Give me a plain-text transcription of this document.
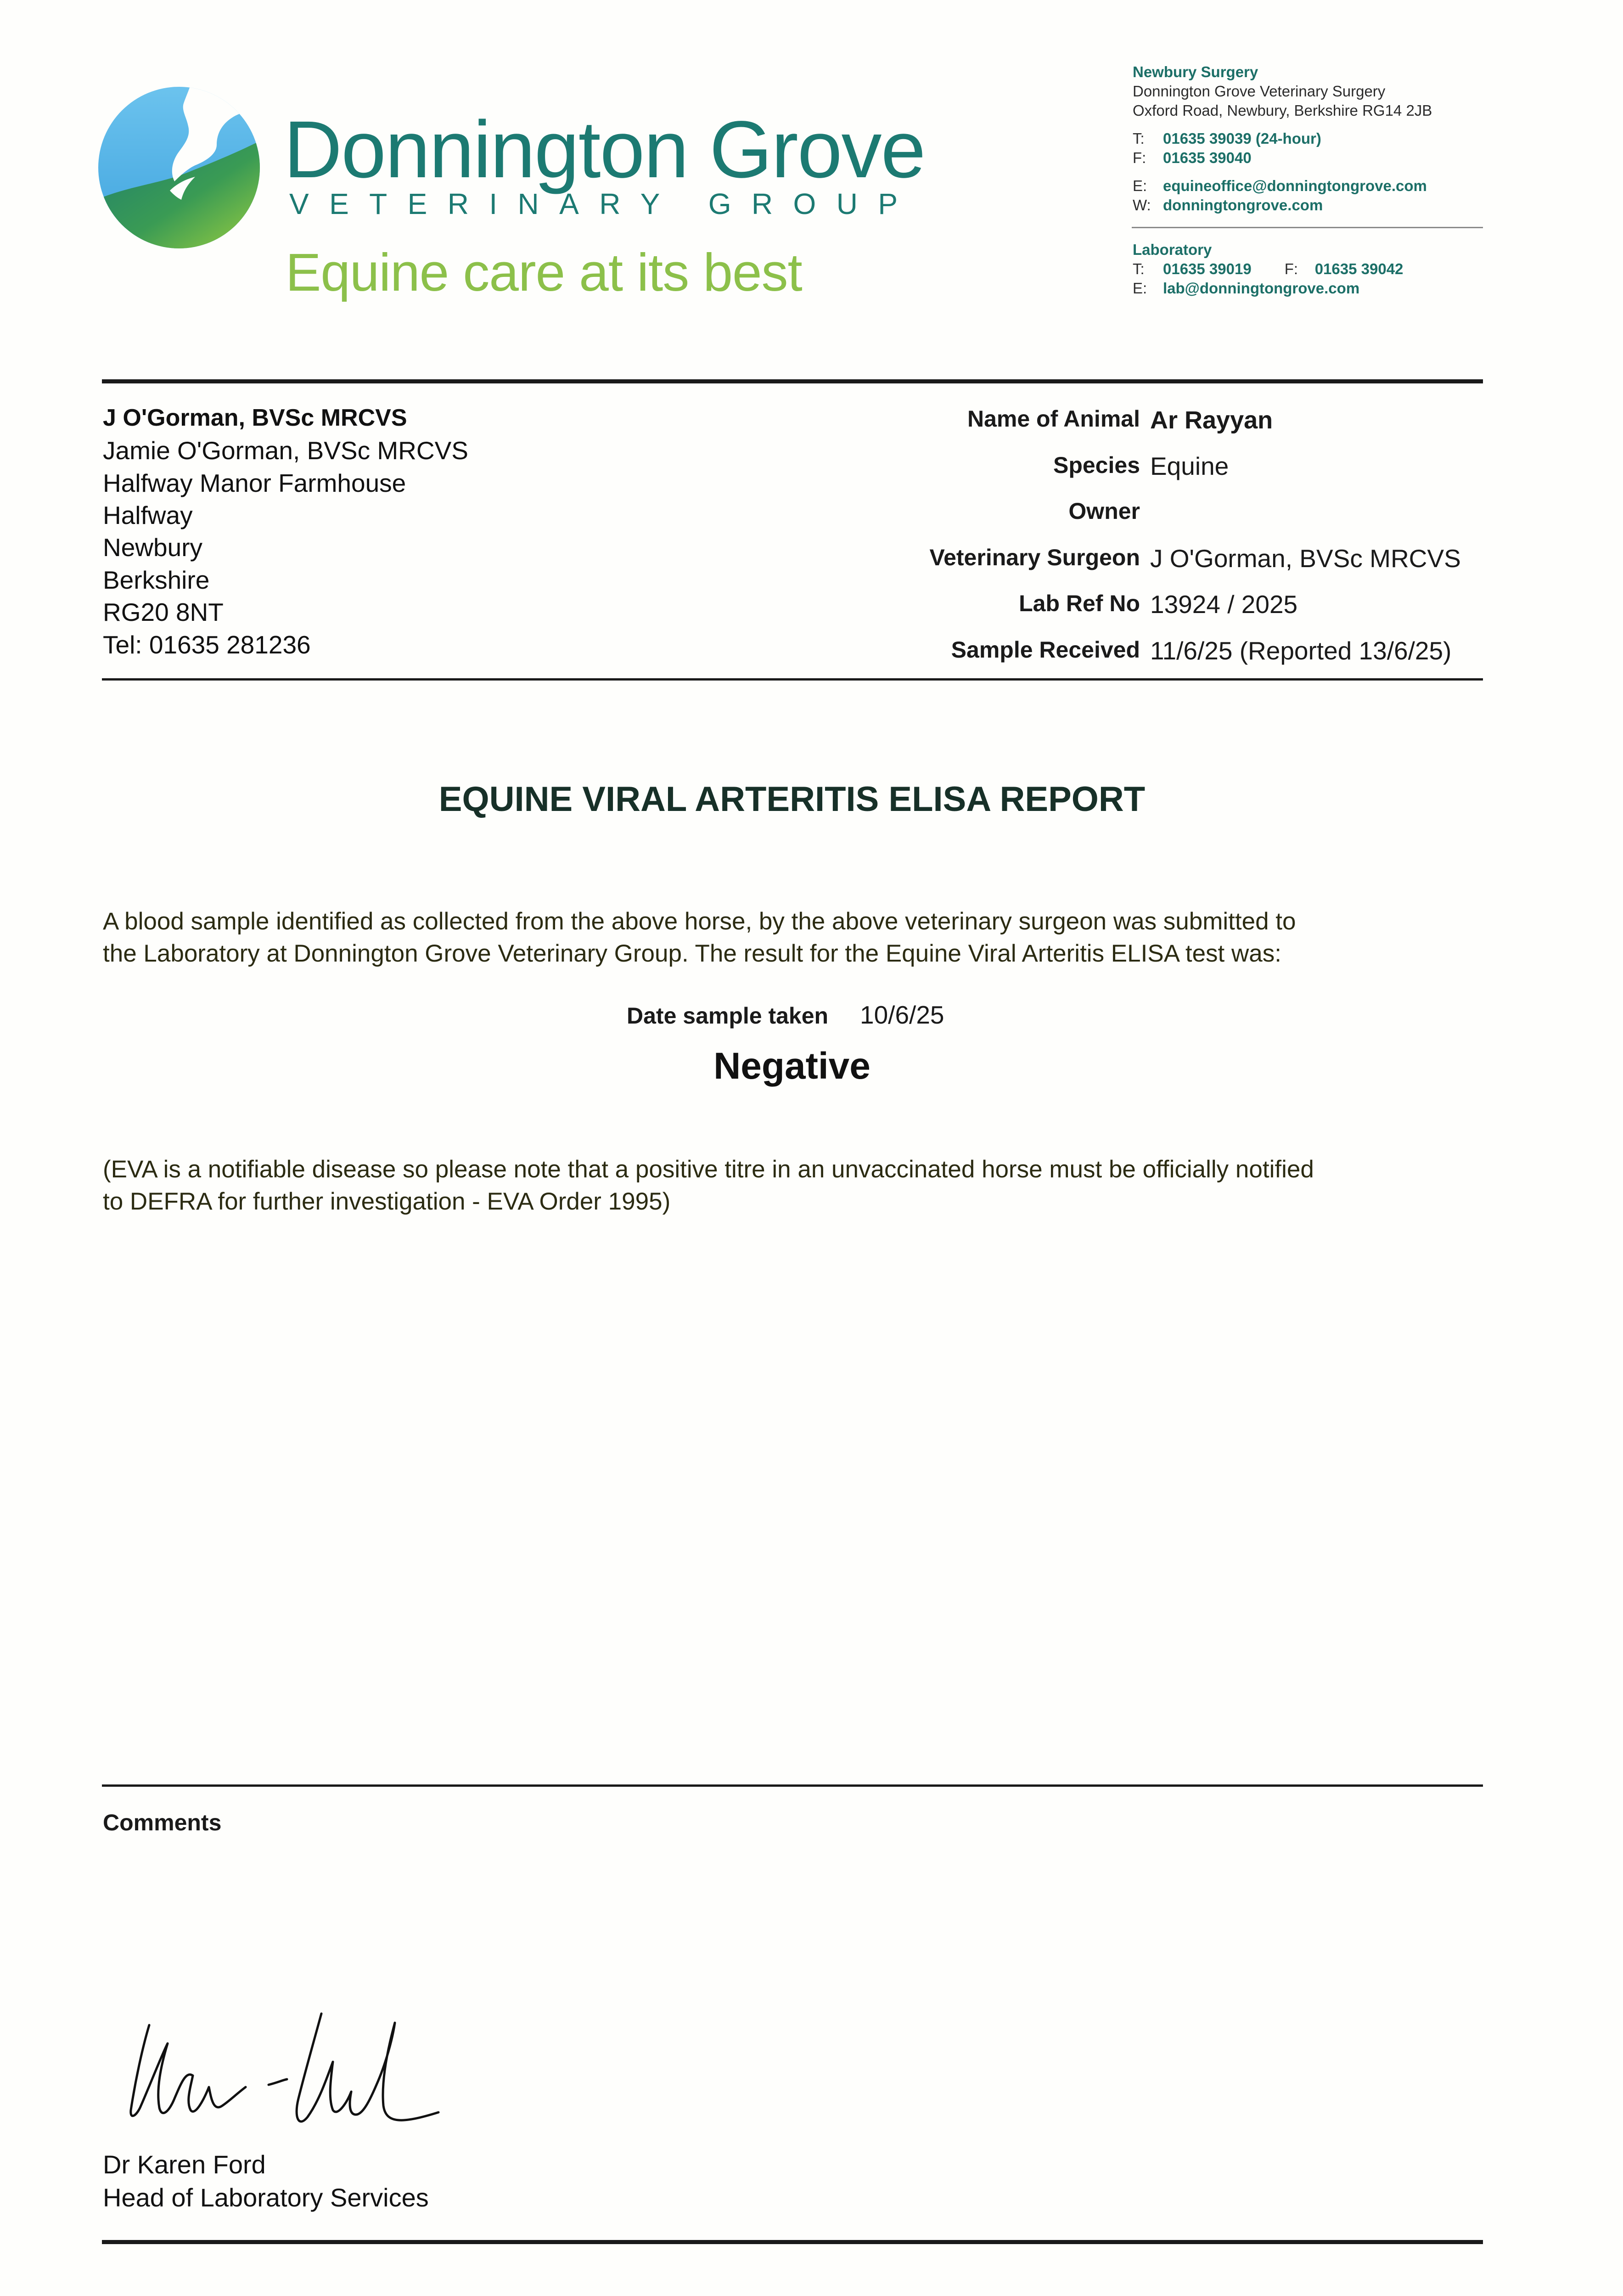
Donnington Grove
VETERINARY GROUP
Equine care at its best
Newbury Surgery
Donnington Grove Veterinary Surgery
Oxford Road, Newbury, Berkshire RG14 2JB
T: 01635 39039 (24-hour)
F: 01635 39040
E: equineoffice@donningtongrove.com
W: donningtongrove.com
Laboratory
T: 01635 39019 F: 01635 39042
E: lab@donningtongrove.com
J O'Gorman, BVSc MRCVS
Jamie O'Gorman, BVSc MRCVS
Halfway Manor Farmhouse
Halfway
Newbury
Berkshire
RG20 8NT
Tel: 01635 281236
Name of Animal Ar Rayyan
Species Equine
Owner
Veterinary Surgeon J O'Gorman, BVSc MRCVS
Lab Ref No 13924 / 2025
Sample Received 11/6/25 (Reported 13/6/25)
EQUINE VIRAL ARTERITIS ELISA REPORT
A blood sample identified as collected from the above horse, by the above veterinary surgeon was submitted to
the Laboratory at Donnington Grove Veterinary Group. The result for the Equine Viral Arteritis ELISA test was:
Date sample taken 10/6/25
Negative
(EVA is a notifiable disease so please note that a positive titre in an unvaccinated horse must be officially notified
to DEFRA for further investigation - EVA Order 1995)
Comments
Dr Karen Ford
Head of Laboratory Services
